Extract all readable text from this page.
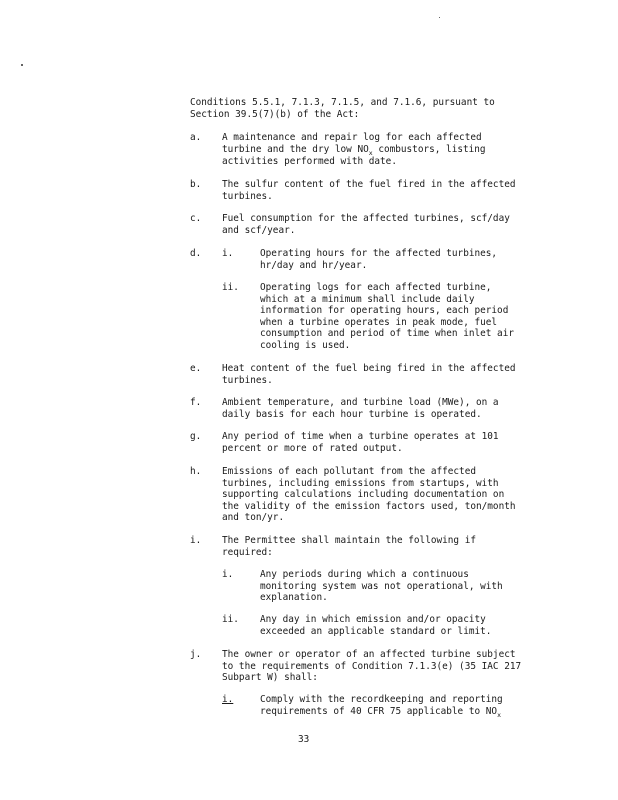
Conditions 5.5.1, 7.1.3, 7.1.5, and 7.1.6, pursuant to
Section 39.5(7)(b) of the Act:
a. A maintenance and repair log for each affected
turbine and the dry low $NO_x$ combustors, listing
activities performed with date.
b. The sulfur content of the fuel fired in the affected
turbines.
c. Fuel consumption for the affected turbines, scf/day
and scf/year.
d. i.	Operating hours for the affected turbines,
hr/day and hr/year.
ii. Operating logs for each affected turbine,
which at a minimum shall include daily
information for operating hours, each period
when a turbine operates in peak mode, fuel
consumption and period of time when inlet air
cooling is used.
e. Heat content of the fuel being fired in the affected
turbines.
f. Ambient temperature, and turbine load (MWe), on a
daily basis for each hour turbine is operated.
g. Any period of time when a turbine operates at 101
percent or more of rated output.
h. Emissions of each pollutant from the affected
turbines, including emissions from startups, with
supporting calculations including documentation on
the validity of the emission factors used, ton/month
and ton/yr.
i. The Permittee shall maintain the following if
required:
i.	Any periods during which a continuous
monitoring system was not operational, with
explanation.
ii. Any day in which emission and/or opacity
exceeded an applicable standard or limit.
j. The owner or operator of an affected turbine subject
to the requirements of Condition 7.1.3(e) (35 IAC 217
Subpart W) shall:
i.	Comply with the recordkeeping and reporting
requirements of 40 CFR 75 applicable to $NO_x$
33
